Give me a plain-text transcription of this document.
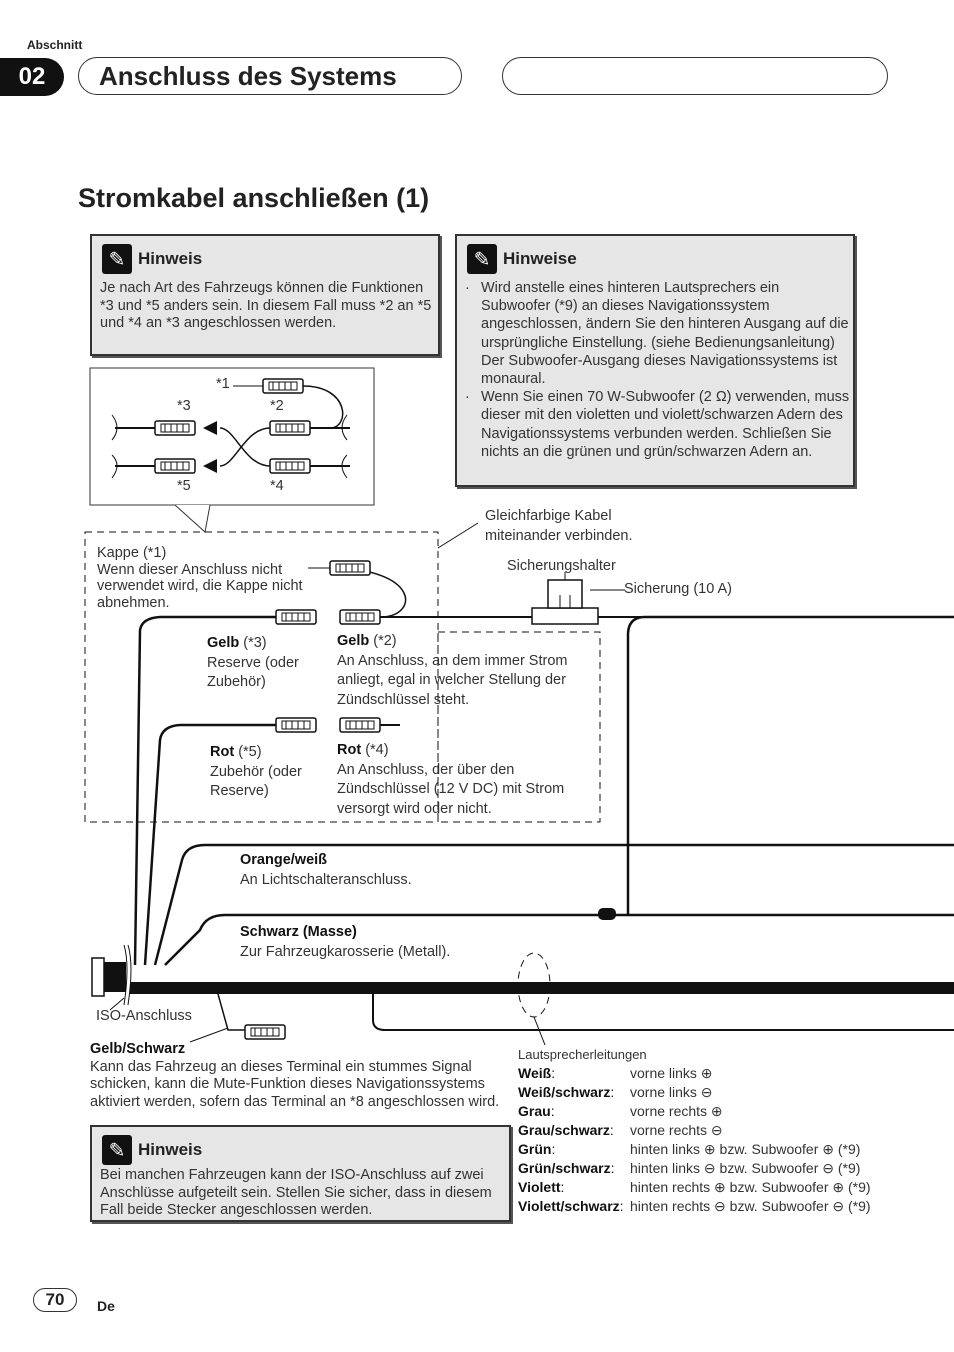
Abschnitt
02	Anschluss des Systems
Stromkabel anschließen (1)
*1
*2
*3
*4
*5
✎ Hinweis
Je nach Art des Fahrzeugs können die Funktionen *3 und *5 anders sein. In diesem Fall muss *2 an *5 und *4 an *3 angeschlossen werden.
✎ Hinweise
· Wird anstelle eines hinteren Lautsprechers ein Subwoofer (*9) an dieses Navigationssystem angeschlossen, ändern Sie den hinteren Ausgang auf die ursprüngliche Einstellung. (siehe Bedienungsanleitung) Der Subwoofer-Ausgang dieses Navigationssystems ist monaural.
· Wenn Sie einen 70 W-Subwoofer (2 Ω) verwenden, muss dieser mit den violetten und violett/schwarzen Adern des Navigationssystems verbunden werden. Schließen Sie nichts an die grünen und grün/schwarzen Adern an.
Gleichfarbige Kabel miteinander verbinden.
Sicherungshalter
Sicherung (10 A)
Kappe (*1)
Wenn dieser Anschluss nicht verwendet wird, die Kappe nicht abnehmen.
Gelb (*3)
Reserve (oder Zubehör)
Gelb (*2)
An Anschluss, an dem immer Strom anliegt, egal in welcher Stellung der Zündschlüssel steht.
Rot (*5)
Zubehör (oder Reserve)
Rot (*4)
An Anschluss, der über den Zündschlüssel (12 V DC) mit Strom versorgt wird oder nicht.
Orange/weiß
An Lichtschalteranschluss.
Schwarz (Masse)
Zur Fahrzeugkarosserie (Metall).
ISO-Anschluss
Gelb/Schwarz
Kann das Fahrzeug an dieses Terminal ein stummes Signal schicken, kann die Mute-Funktion dieses Navigationssystems aktiviert werden, sofern das Terminal an *8 angeschlossen wird.
Lautsprecherleitungen
Weiß:	vorne links ⊕
Weiß/schwarz:	vorne links ⊖
Grau:	vorne rechts ⊕
Grau/schwarz:	vorne rechts ⊖
Grün:	hinten links ⊕ bzw. Subwoofer ⊕ (*9)
Grün/schwarz:	hinten links ⊖ bzw. Subwoofer ⊖ (*9)
Violett:	hinten rechts ⊕ bzw. Subwoofer ⊕ (*9)
Violett/schwarz: hinten rechts ⊖ bzw. Subwoofer ⊖ (*9)
✎ Hinweis
Bei manchen Fahrzeugen kann der ISO-Anschluss auf zwei Anschlüsse aufgeteilt sein. Stellen Sie sicher, dass in diesem Fall beide Stecker angeschlossen werden.
70	De
